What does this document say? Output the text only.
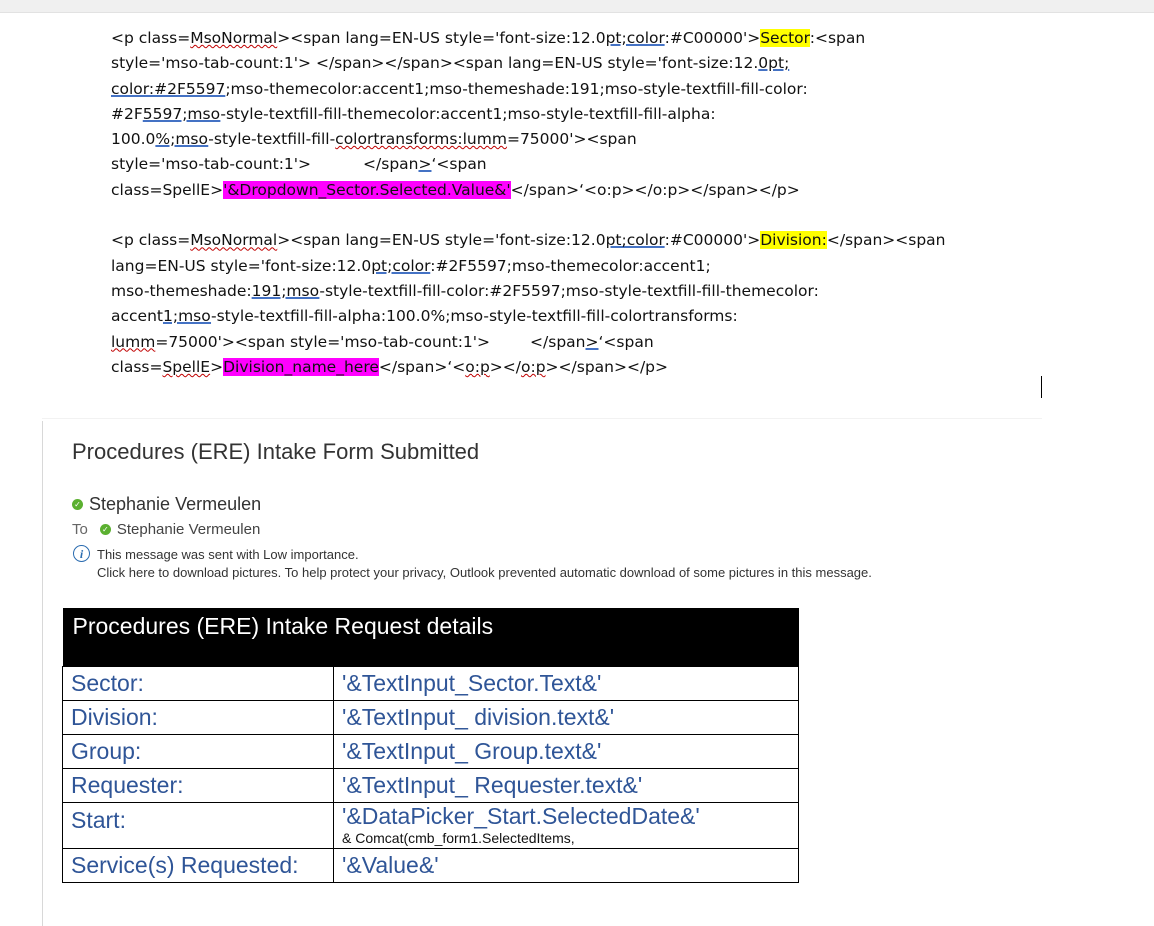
<p class=MsoNormal><span lang=EN-US style='font-size:12.0pt;color:#C00000'>Sector:<span
style='mso-tab-count:1'> </span></span><span lang=EN-US style='font-size:12.0pt;
color:#2F5597;mso-themecolor:accent1;mso-themeshade:191;mso-style-textfill-fill-color:
#2F5597;mso-style-textfill-fill-themecolor:accent1;mso-style-textfill-fill-alpha:
100.0%;mso-style-textfill-fill-colortransforms:lumm=75000'><span
style='mso-tab-count:1'>	</span>‘<span
class=SpellE>'&Dropdown_Sector.Selected.Value&'</span>‘<o:p></o:p></span></p>
<p class=MsoNormal><span lang=EN-US style='font-size:12.0pt;color:#C00000'>Division:</span><span
lang=EN-US style='font-size:12.0pt;color:#2F5597;mso-themecolor:accent1;
mso-themeshade:191;mso-style-textfill-fill-color:#2F5597;mso-style-textfill-fill-themecolor:
accent1;mso-style-textfill-fill-alpha:100.0%;mso-style-textfill-fill-colortransforms:
lumm=75000'><span style='mso-tab-count:1'>	</span>‘<span
class=SpellE>Division_name_here</span>‘<o:p></o:p></span></p>
Procedures (ERE) Intake Form Submitted
✓ Stephanie Vermeulen
To ✓ Stephanie Vermeulen
i	This message was sent with Low importance.
Click here to download pictures. To help protect your privacy, Outlook prevented automatic download of some pictures in this message.
Procedures (ERE) Intake Request details	
Sector:	'&TextInput_Sector.Text&'
Division:	'&TextInput_ division.text&'
Group:	'&TextInput_ Group.text&'
Requester:	'&TextInput_ Requester.text&'
Start:	'&DataPicker_Start.SelectedDate&'
& Comcat(cmb_form1.SelectedItems,

Service(s) Requested:	'&Value&'
